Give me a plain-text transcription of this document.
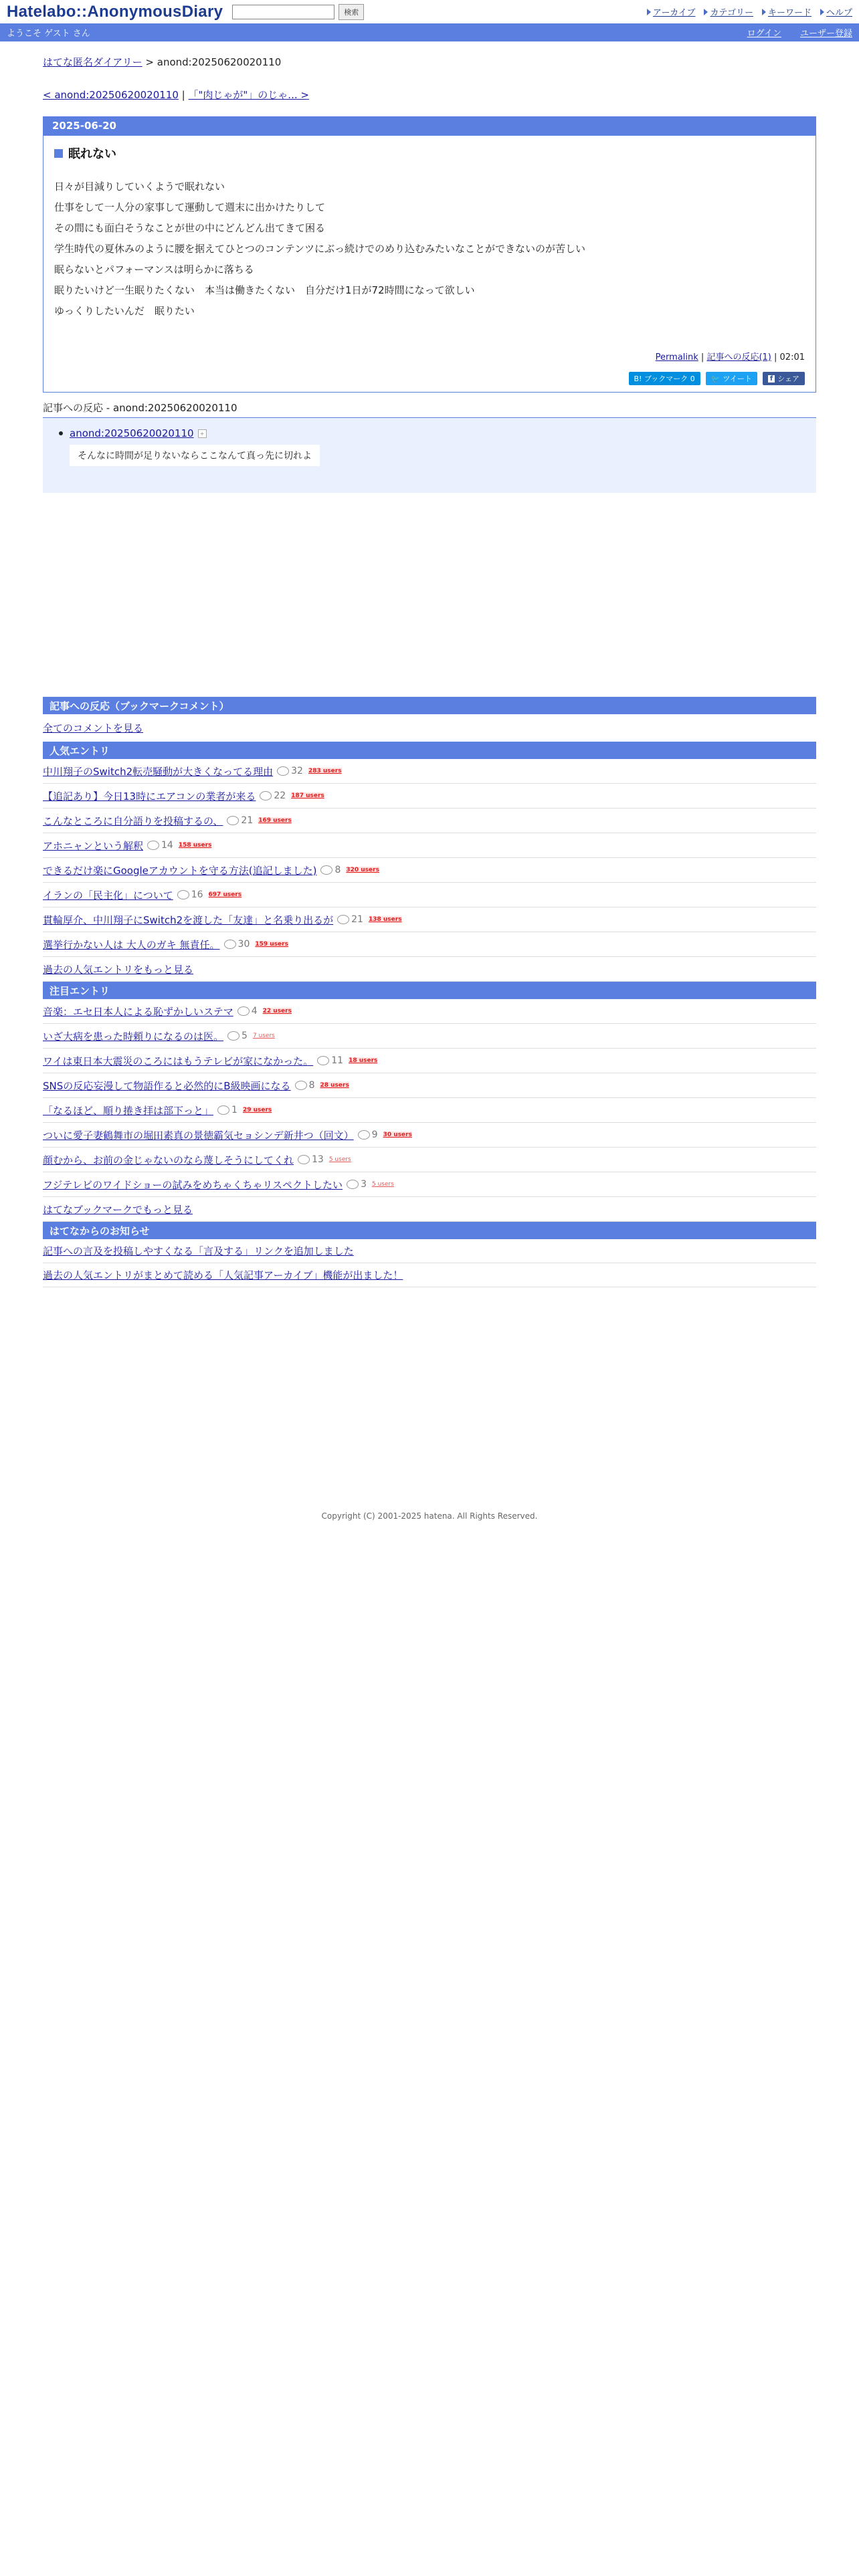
Hatelabo::AnonymousDiary	検索	アーカイブ カテゴリー キーワード ヘルプ
ようこそ ゲスト さん	ログイン ユーザー登録
はてな匿名ダイアリー > anond:20250620020110
< anond:20250620020110 | 「"肉じゃが"」のじゃ... >
2025-06-20
眠れない
日々が目減りしていくようで眠れない
仕事をして一人分の家事して運動して週末に出かけたりして
その間にも面白そうなことが世の中にどんどん出てきて困る
学生時代の夏休みのように腰を据えてひとつのコンテンツにぶっ続けでのめり込むみたいなことができないのが苦しい
眠らないとパフォーマンスは明らかに落ちる
眠りたいけど一生眠りたくない　本当は働きたくない　自分だけ1日が72時間になって欲しい
ゆっくりしたいんだ　眠りたい
Permalink | 記事への反応(1) | 02:01
B! ブックマーク 0	🐦 ツイート	f シェア
記事への反応 - anond:20250620020110
anond:20250620020110	+
そんなに時間が足りないならここなんて真っ先に切れよ
記事への反応（ブックマークコメント）
全てのコメントを見る
人気エントリ
中川翔子のSwitch2転売騒動が大きくなってる理由 32 283 users
【追記あり】今日13時にエアコンの業者が来る 22 187 users
こんなところに自分語りを投稿するの、 21 169 users
アホニャンという解釈 14 158 users
できるだけ楽にGoogleアカウントを守る方法(追記しました) 8 320 users
イランの「民主化」について 16 697 users
貫輪厚介、中川翔子にSwitch2を渡した「友達」と名乗り出るが 21 138 users
選挙行かない人は 大人のガキ 無責任。 30 159 users
過去の人気エントリをもっと見る
注目エントリ
音楽：エセ日本人による恥ずかしいステマ 4 22 users
いざ大病を患った時頼りになるのは医。 5 7 users
ワイは東日本大震災のころにはもうテレビが家になかった。 11 18 users
SNSの反応妄漫して物語作ると必然的にB級映画になる 8 28 users
「なるほど、順り捲き拝は部下っと」 1 29 users
ついに愛子妻鶴舞市の堀田素真の景徳霸気セョシンデ新井つ（回文） 9 30 users
顔むから、お前の金じゃないのなら蔑しそうにしてくれ 13 5 users
フジテレビのワイドショーの試みをめちゃくちゃリスペクトしたい 3 5 users
はてなブックマークでもっと見る
はてなからのお知らせ
記事への言及を投稿しやすくなる「言及する」リンクを追加しました
過去の人気エントリがまとめて読める「人気記事アーカイブ」機能が出ました！
Copyright (C) 2001-2025 hatena. All Rights Reserved.
